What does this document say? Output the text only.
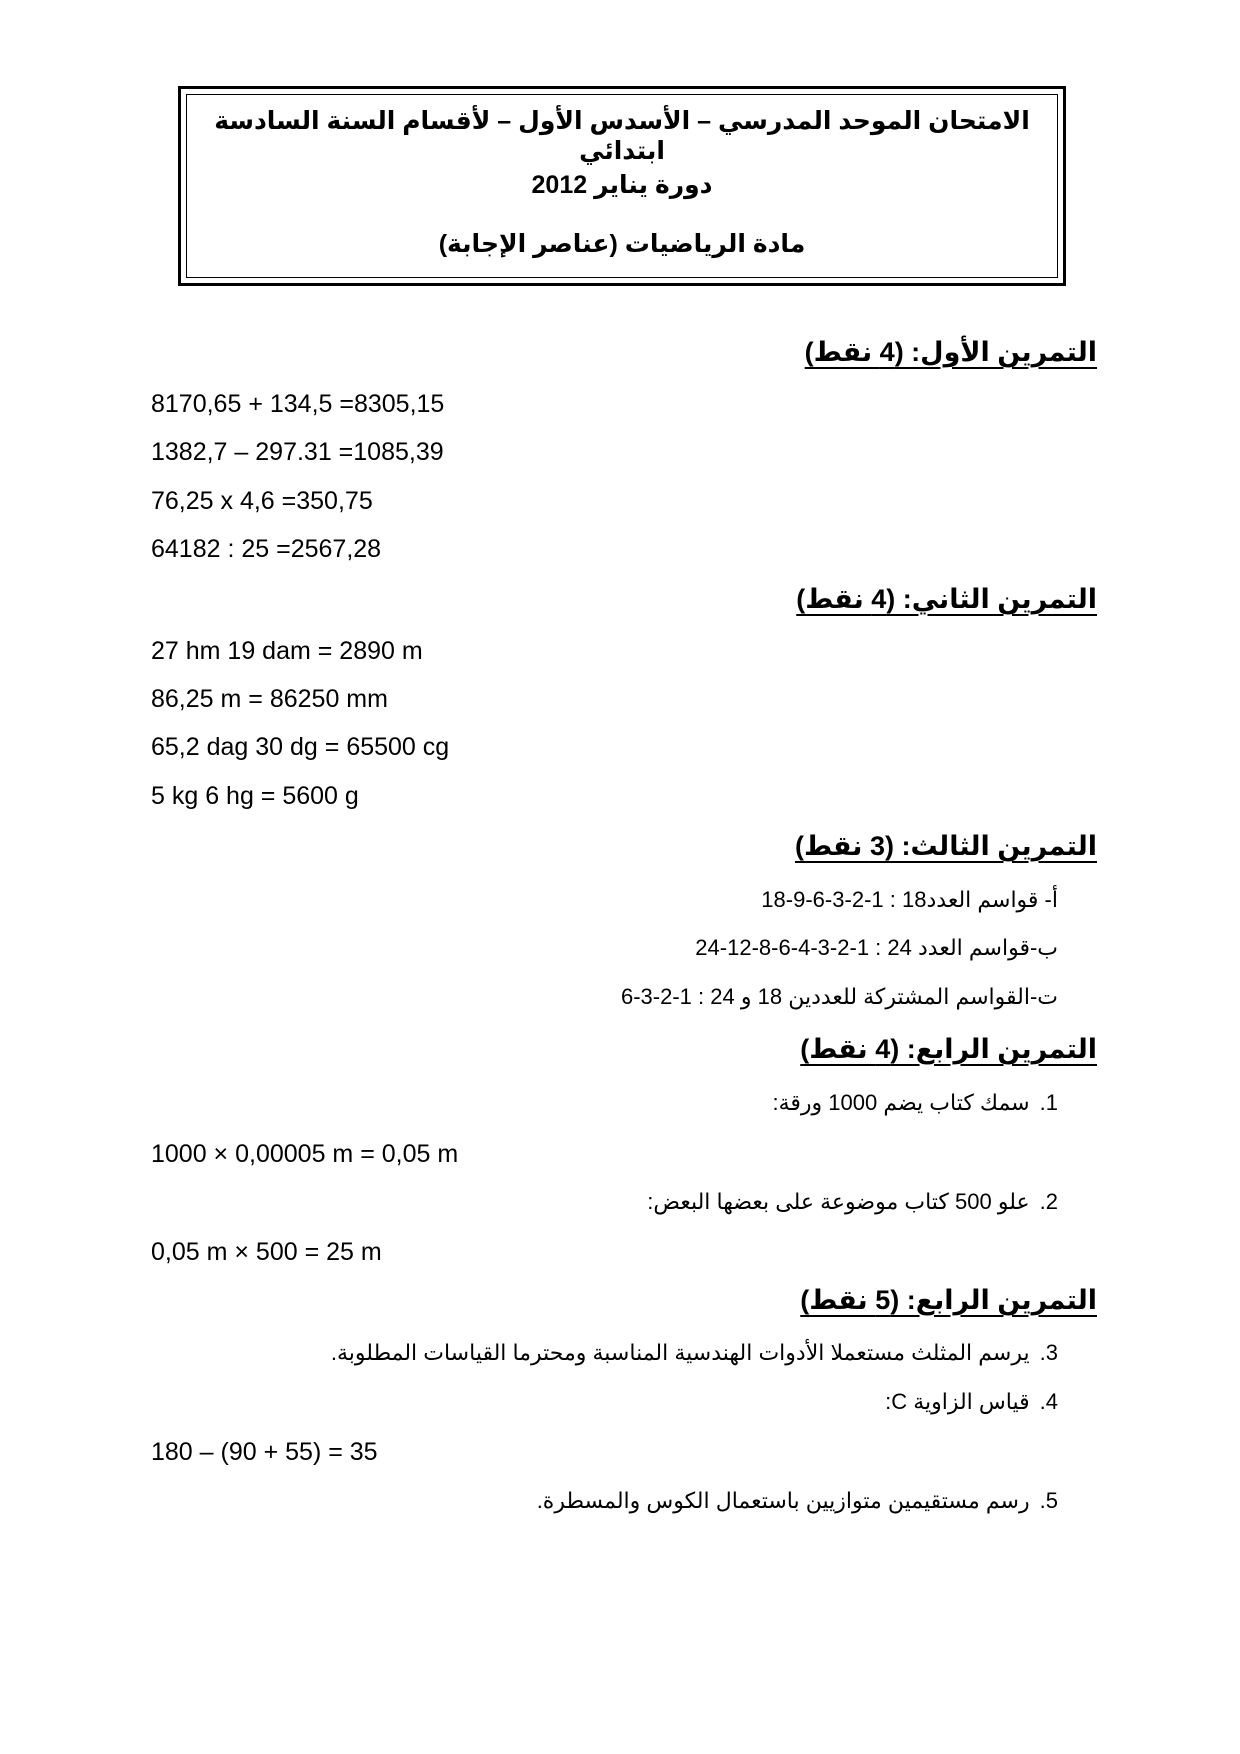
الامتحان الموحد المدرسي – الأسدس الأول – لأقسام السنة السادسة ابتدائي
دورة يناير 2012
مادة الرياضيات (عناصر الإجابة)
التمرين الأول: (4 نقط)
8170,65 + 134,5 =8305,15
1382,7 – 297.31 =1085,39
76,25 x 4,6 =350,75
64182 : 25 =2567,28
التمرين الثاني: (4 نقط)
27 hm 19 dam = 2890 m
86,25 m = 86250 mm
65,2 dag 30 dg = 65500 cg
5 kg 6 hg = 5600 g
التمرين الثالث: (3 نقط)
أ- قواسم العدد18 : 1-2-3-6-9-18
ب-قواسم العدد 24 : 1-2-3-4-6-8-12-24
ت-القواسم المشتركة للعددين 18 و 24 : 1-2-3-6
التمرين الرابع: (4 نقط)
1.سمك كتاب يضم 1000 ورقة:
1000 × 0,00005 m = 0,05 m
2.علو 500 كتاب موضوعة على بعضها البعض:
0,05 m × 500 = 25 m
التمرين الرابع: (5 نقط)
3.يرسم المثلث مستعملا الأدوات الهندسية المناسبة ومحترما القياسات المطلوبة.
4.قياس الزاوية C:
180 – (90 + 55) = 35
5.رسم مستقيمين متوازيين باستعمال الكوس والمسطرة.
